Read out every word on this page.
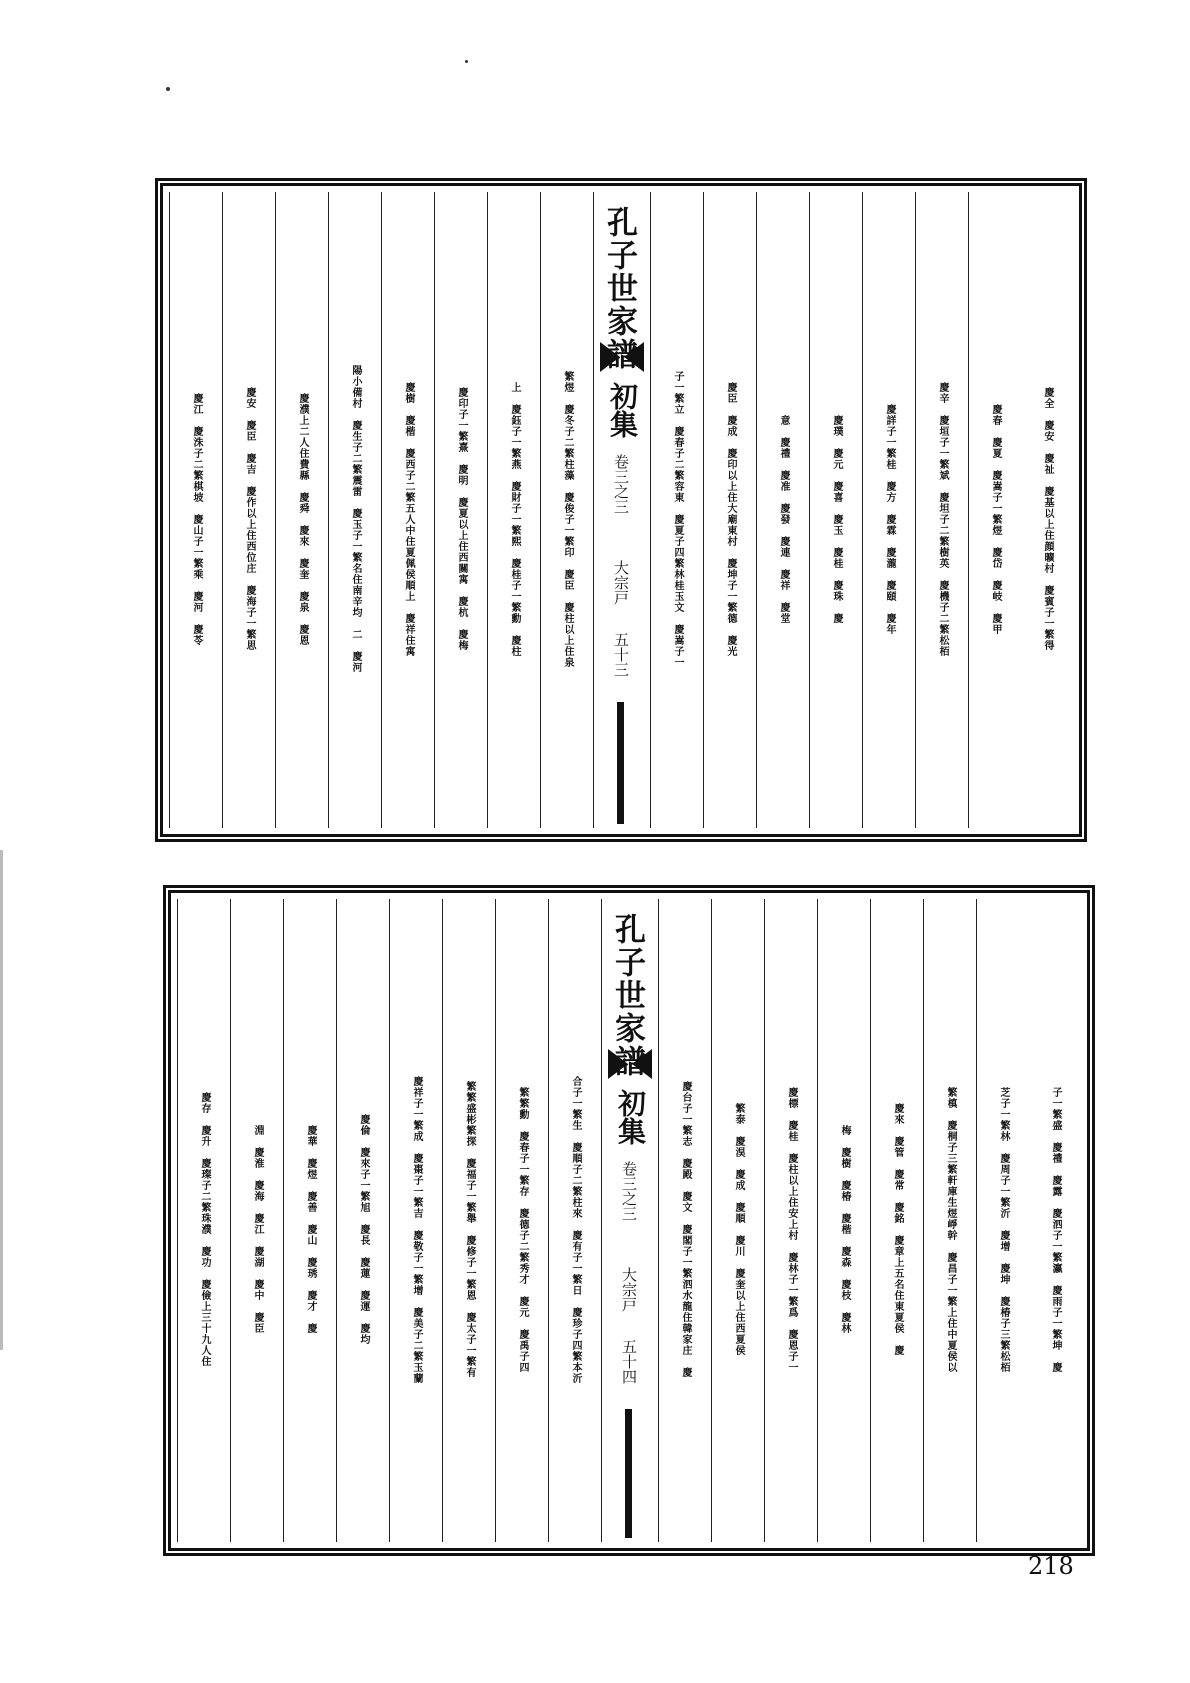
慶江　慶洙子二繁棋坡　慶山子一繁乘　慶河　慶苓	慶安　慶臣　慶吉　慶作以上住西位庄　慶海子一繁思	慶濮上二人住費縣　慶舜　慶來　慶奎　慶泉　慶恩	陽小備村　慶生子二繁震雷　慶玉子一繁名住南辛均　二　慶河	慶樹　慶楷　慶西子二繁五人中住夏佩侯順上　慶祥住寓	慶印子一繁熹　慶明　慶夏以上住西關寓　慶杭　慶梅	上　慶鈺子一繁燕　慶財子一繁熙　慶桂子一繁勳　慶柱	繁煜　慶冬子二繁柱藻　慶俊子一繁印　慶臣　慶柱以上住泉
孔子世家譜
初集
卷三之三
大宗戸
五十三	子一繁立　慶春子二繁容東　慶夏子四繁林桂玉文　慶嵩子一	慶臣　慶成　慶印以上住大廟東村　慶坤子一繁德　慶光	意　慶禮　慶准　慶發　慶連　慶祥　慶堂	慶璞　慶元　慶喜　慶玉　慶桂　慶珠　慶	慶詳子一繁桂　慶方　慶霖　慶瀧　慶頤　慶年	慶辛　慶垣子一繁斌　慶坦子二繁樹英　慶機子二繁松栢	慶春　慶夏　慶嵩子一繁煜　慶岱　慶岐　慶甲	慶全　慶安　慶祉　慶基以上住顔曠村　慶賓子一繁得
慶存　慶升　慶璨子二繁珠濮　慶功　慶儉上三十九人住	淵　慶淮　慶海　慶江　慶湖　慶中　慶臣	慶華　慶煜　慶善　慶山　慶琇　慶才　慶	慶倫　慶來子一繁旭　慶長　慶蓮　慶運　慶均	慶祥子一繁成　慶棗子一繁吉　慶敬子一繁增　慶美子二繁玉蘭	繁繁盛彬繁探　慶福子一繁舉　慶修子一繁恩　慶太子一繁有	繁繁勳　慶春子一繁存　慶德子二繁秀才　慶元　慶禹子四	合子一繁生　慶順子二繁柱來　慶有子一繁日　慶珍子四繁本沂
孔子世家譜
初集
卷三之三
大宗戸
五十四	慶台子一繁志　慶殿　慶文　慶閣子一繁泗水龍住韓家庄　慶	繁泰　慶淏　慶成　慶順　慶川　慶奎以上住西夏侯	慶標　慶桂　慶柱以上住安上村　慶林子一繁爲　慶恩子一	梅　慶樹　慶椿　慶楷　慶森　慶枝　慶林	慶來　慶管　慶常　慶銘　慶章上五名住東夏侯　慶	繁槙　慶桐子三繁軒庫生煜崢幹　慶昌子一繁上住中夏侯以	芝子一繁林　慶周子一繁沂　慶增　慶坤　慶椿子三繁松栢	子一繁盛　慶禮　慶露　慶泗子一繁瀛　慶雨子一繁坤　慶
218
